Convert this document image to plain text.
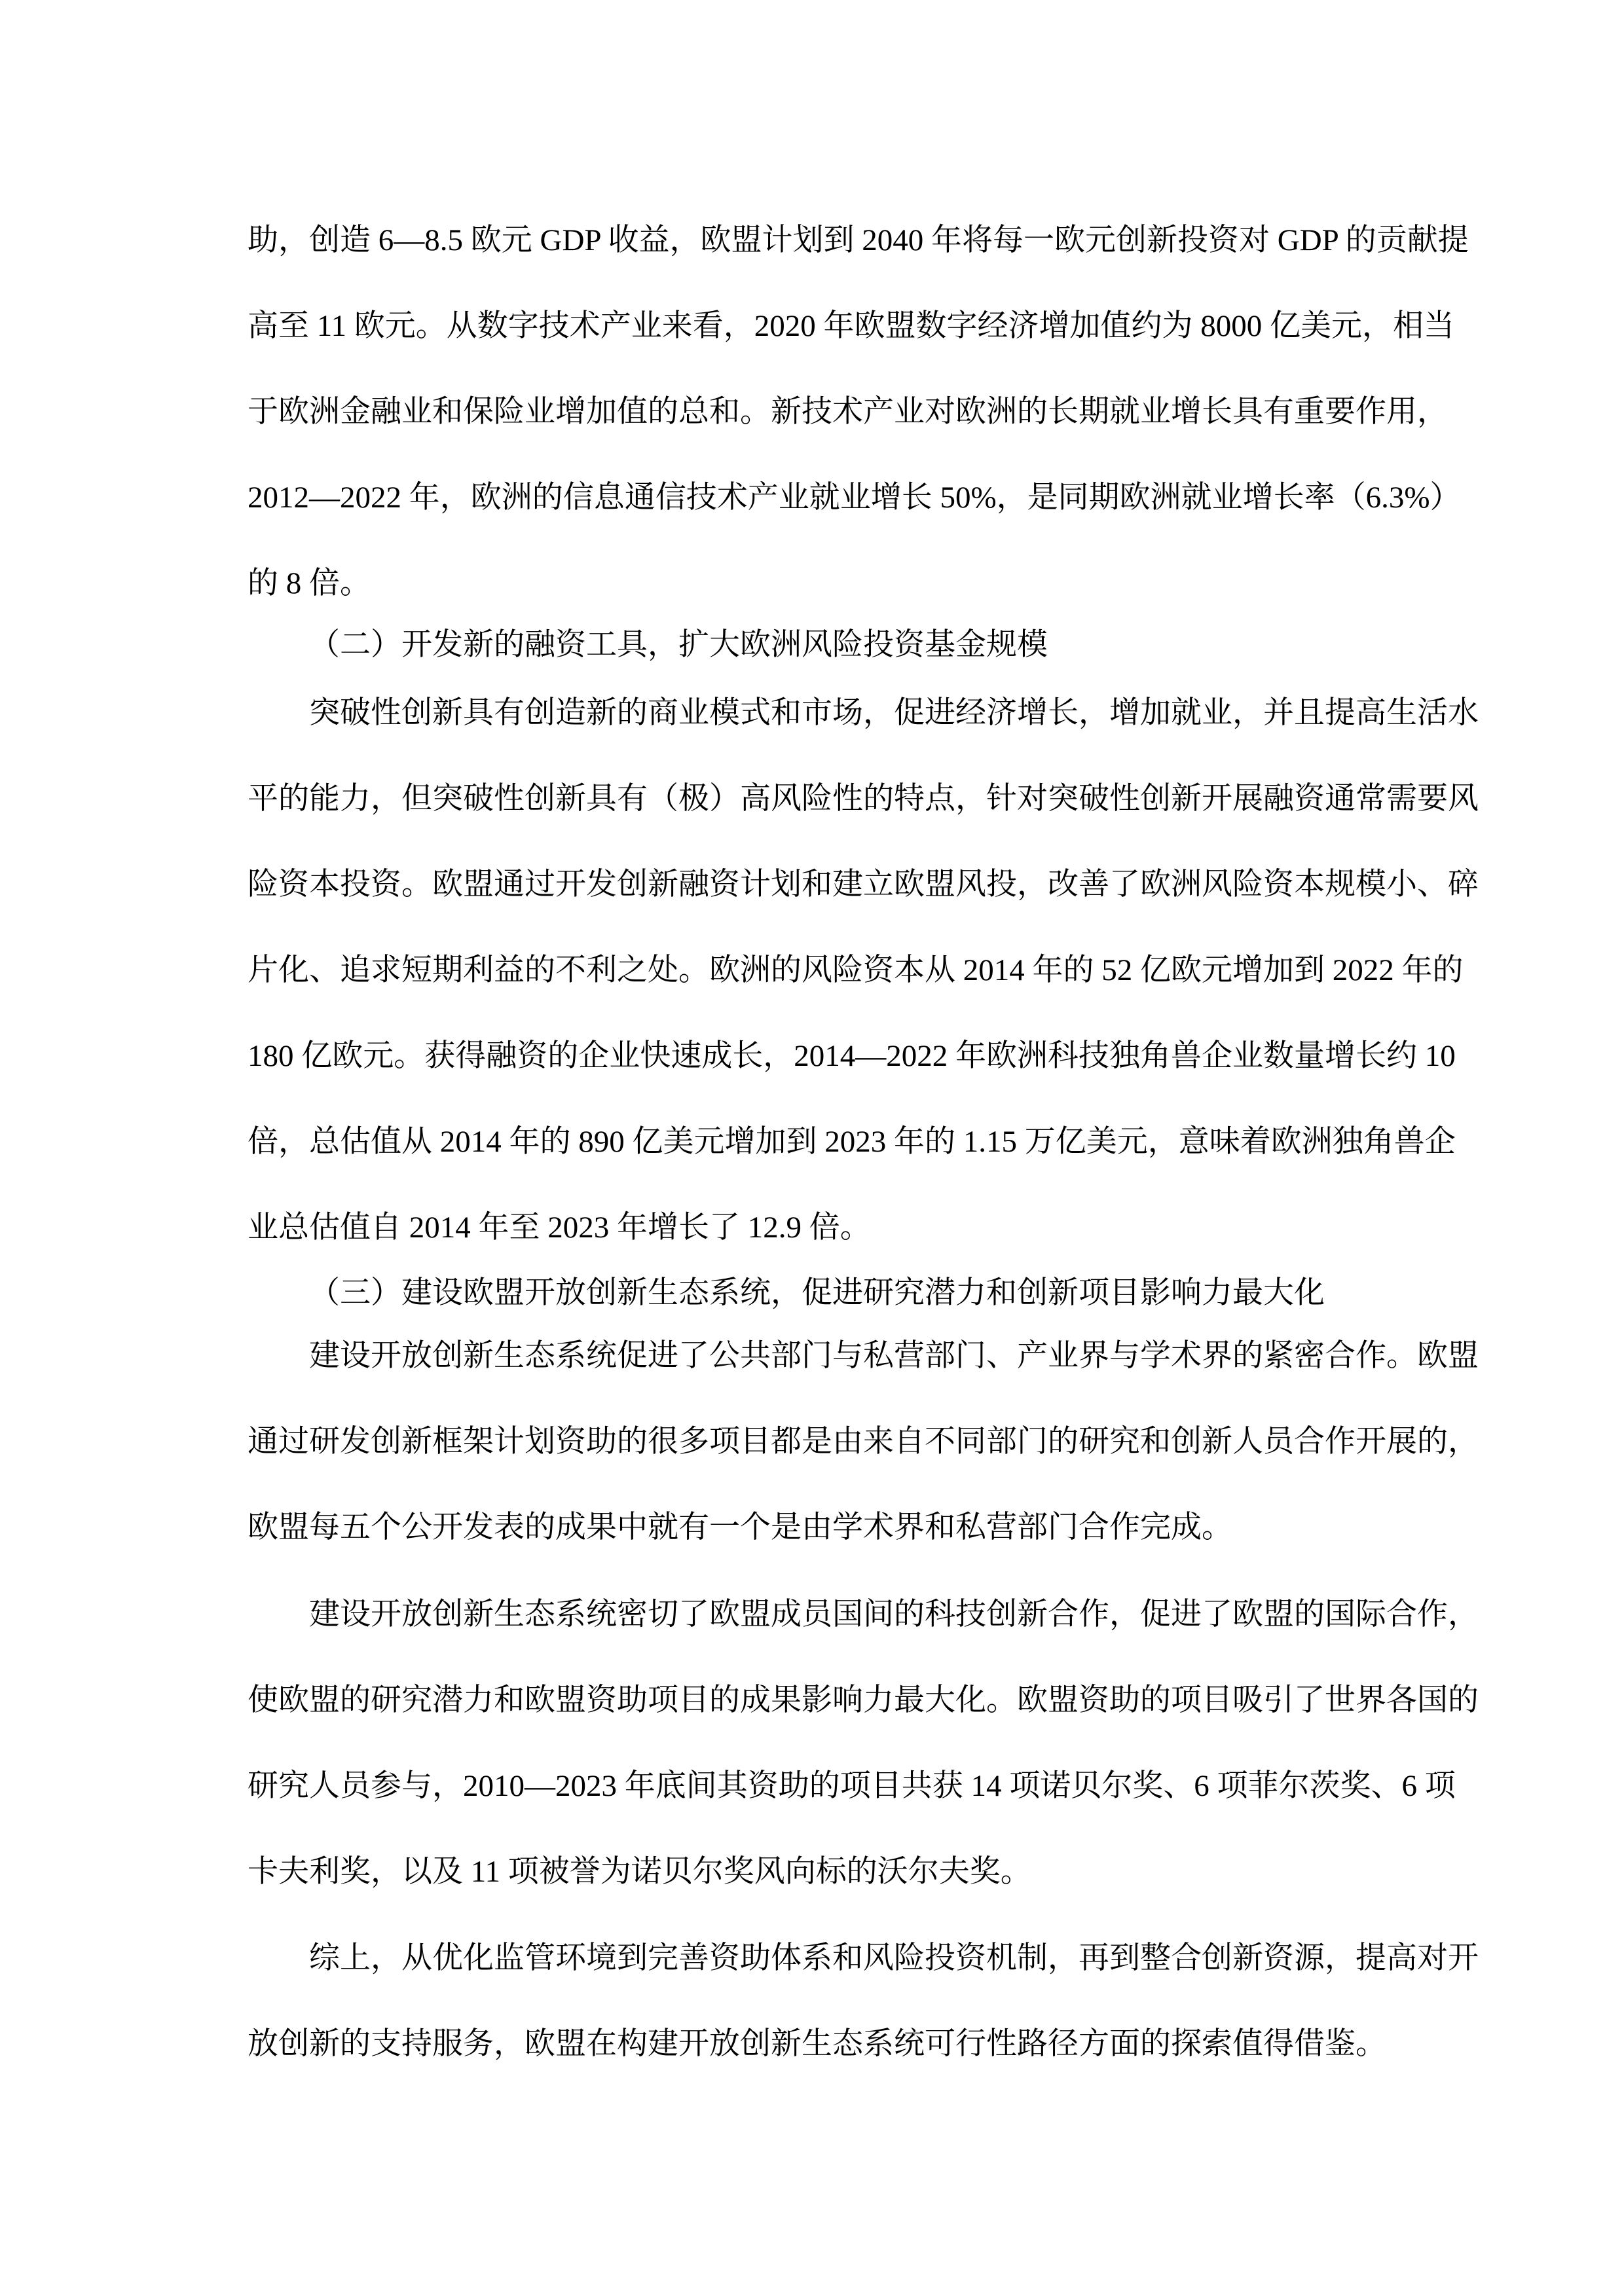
助，创造 6—8.5 欧元 GDP 收益，欧盟计划到 2040 年将每一欧元创新投资对 GDP 的贡献提
高至 11 欧元。从数字技术产业来看，2020 年欧盟数字经济增加值约为 8000 亿美元，相当
于欧洲金融业和保险业增加值的总和。新技术产业对欧洲的长期就业增长具有重要作用，
2012—2022 年，欧洲的信息通信技术产业就业增长 50%，是同期欧洲就业增长率（6.3%）
的 8 倍。
（二）开发新的融资工具，扩大欧洲风险投资基金规模
突破性创新具有创造新的商业模式和市场，促进经济增长，增加就业，并且提高生活水
平的能力，但突破性创新具有（极）高风险性的特点，针对突破性创新开展融资通常需要风
险资本投资。欧盟通过开发创新融资计划和建立欧盟风投，改善了欧洲风险资本规模小、碎
片化、追求短期利益的不利之处。欧洲的风险资本从 2014 年的 52 亿欧元增加到 2022 年的
180 亿欧元。获得融资的企业快速成长，2014—2022 年欧洲科技独角兽企业数量增长约 10
倍，总估值从 2014 年的 890 亿美元增加到 2023 年的 1.15 万亿美元，意味着欧洲独角兽企
业总估值自 2014 年至 2023 年增长了 12.9 倍。
（三）建设欧盟开放创新生态系统，促进研究潜力和创新项目影响力最大化
建设开放创新生态系统促进了公共部门与私营部门、产业界与学术界的紧密合作。欧盟
通过研发创新框架计划资助的很多项目都是由来自不同部门的研究和创新人员合作开展的，
欧盟每五个公开发表的成果中就有一个是由学术界和私营部门合作完成。
建设开放创新生态系统密切了欧盟成员国间的科技创新合作，促进了欧盟的国际合作，
使欧盟的研究潜力和欧盟资助项目的成果影响力最大化。欧盟资助的项目吸引了世界各国的
研究人员参与，2010—2023 年底间其资助的项目共获 14 项诺贝尔奖、6 项菲尔茨奖、6 项
卡夫利奖，以及 11 项被誉为诺贝尔奖风向标的沃尔夫奖。
综上，从优化监管环境到完善资助体系和风险投资机制，再到整合创新资源，提高对开
放创新的支持服务，欧盟在构建开放创新生态系统可行性路径方面的探索值得借鉴。
